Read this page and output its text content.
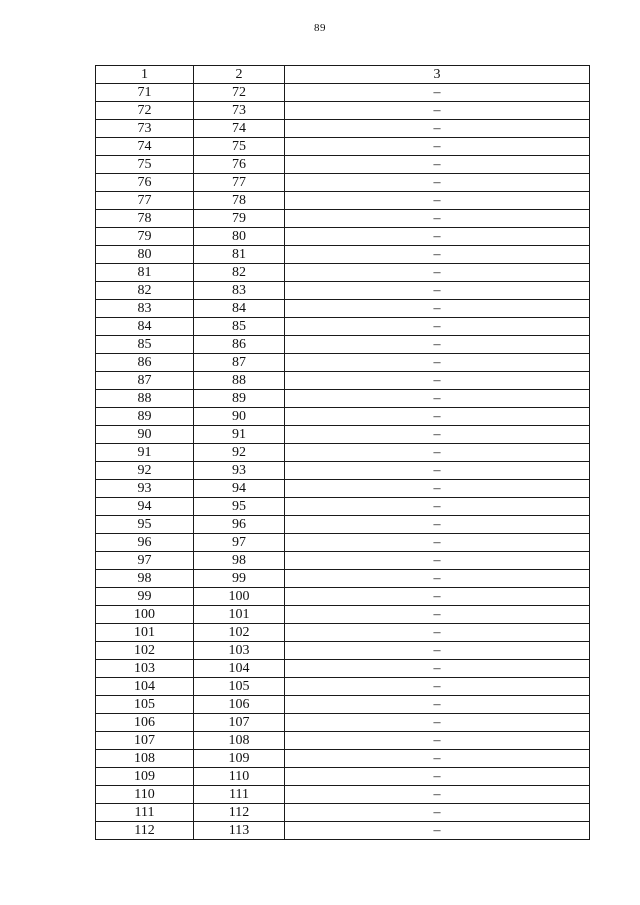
89
1	2	3
71	72	–
72	73	–
73	74	–
74	75	–
75	76	–
76	77	–
77	78	–
78	79	–
79	80	–
80	81	–
81	82	–
82	83	–
83	84	–
84	85	–
85	86	–
86	87	–
87	88	–
88	89	–
89	90	–
90	91	–
91	92	–
92	93	–
93	94	–
94	95	–
95	96	–
96	97	–
97	98	–
98	99	–
99	100	–
100	101	–
101	102	–
102	103	–
103	104	–
104	105	–
105	106	–
106	107	–
107	108	–
108	109	–
109	110	–
110	111	–
111	112	–
112	113	–
